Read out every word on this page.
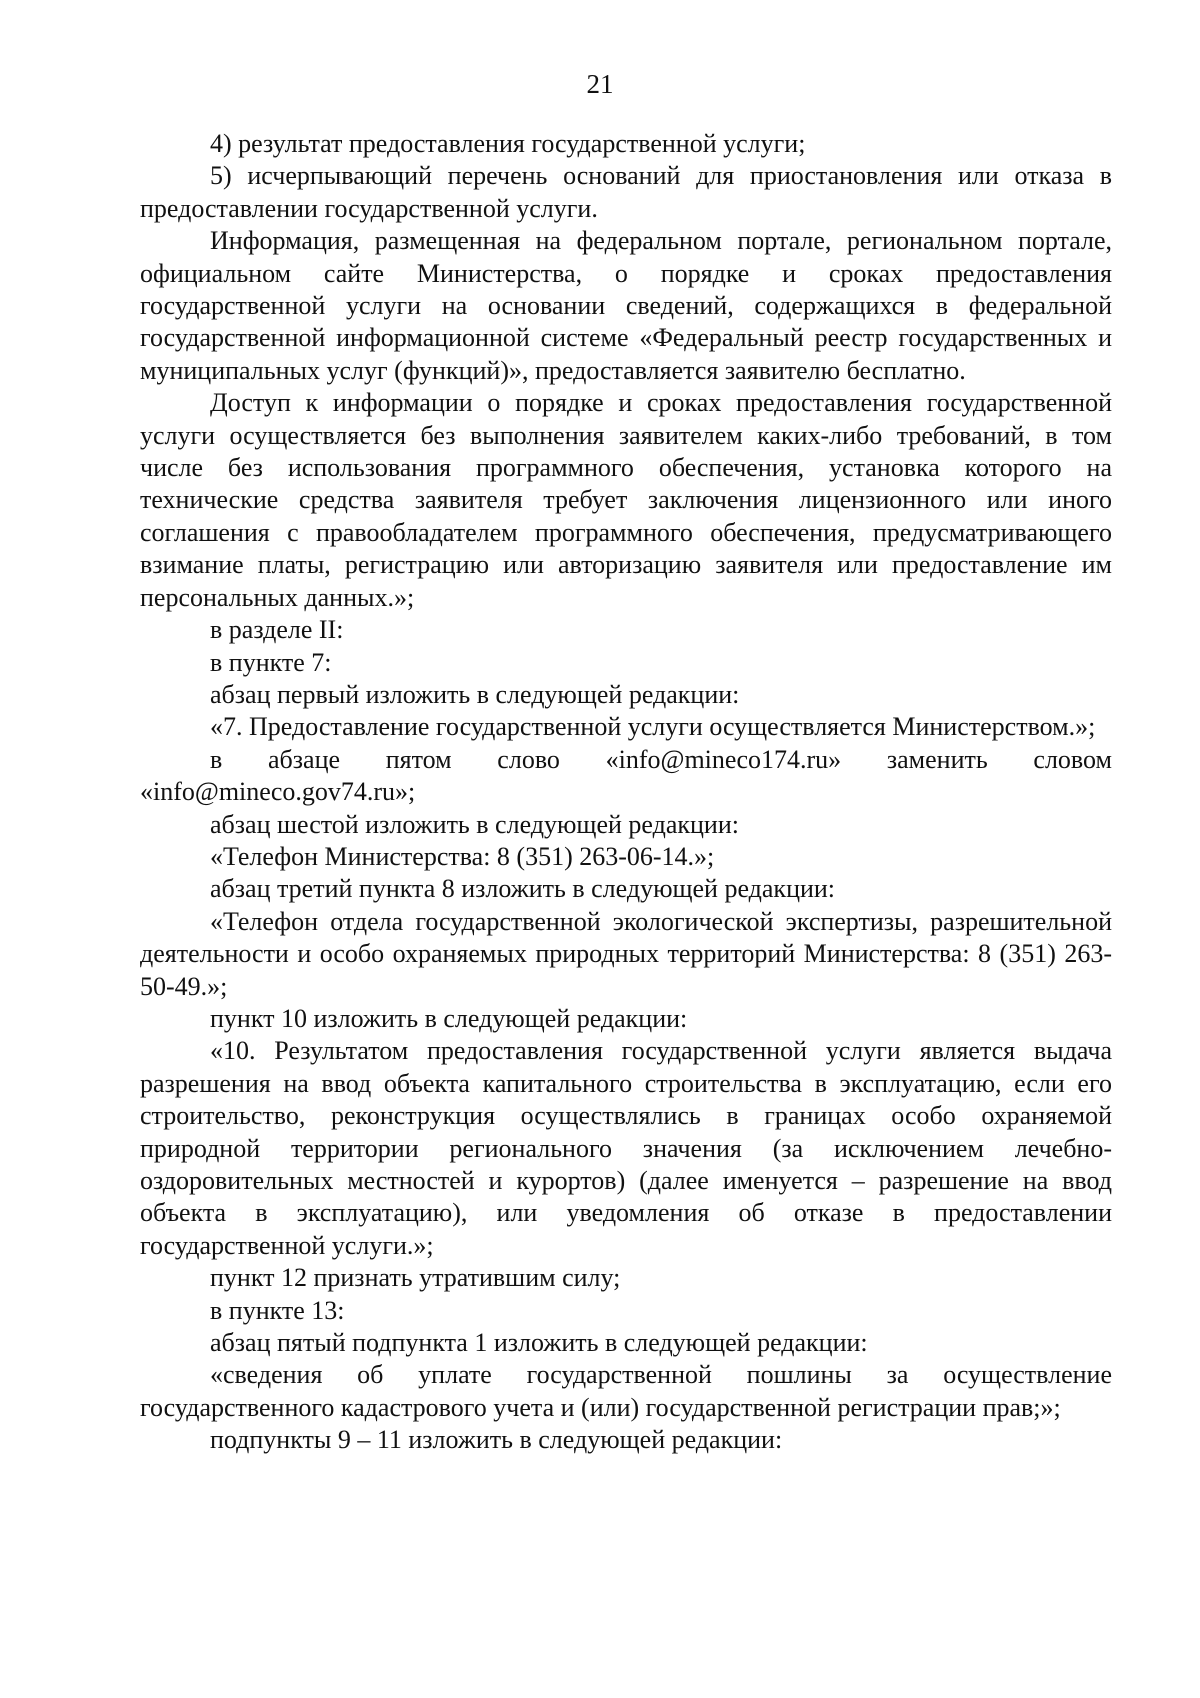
21

4) результат предоставления государственной услуги;

5) исчерпывающий перечень оснований для приостановления или отказа в предоставлении государственной услуги.

Информация, размещенная на федеральном портале, региональном портале, официальном сайте Министерства, о порядке и сроках предоставления государственной услуги на основании сведений, содержащихся в федеральной государственной информационной системе «Федеральный реестр государственных и муниципальных услуг (функций)», предоставляется заявителю бесплатно.

Доступ к информации о порядке и сроках предоставления государственной услуги осуществляется без выполнения заявителем каких-либо требований, в том числе без использования программного обеспечения, установка которого на технические средства заявителя требует заключения лицензионного или иного соглашения с правообладателем программного обеспечения, предусматривающего взимание платы, регистрацию или авторизацию заявителя или предоставление им персональных данных.»;

в разделе II:

в пункте 7:

абзац первый изложить в следующей редакции:

«7. Предоставление государственной услуги осуществляется Министерством.»;

в абзаце пятом слово «info@mineco174.ru» заменить словом «info@mineco.gov74.ru»;

абзац шестой изложить в следующей редакции:

«Телефон Министерства: 8 (351) 263-06-14.»;

абзац третий пункта 8 изложить в следующей редакции:

«Телефон отдела государственной экологической экспертизы, разрешительной деятельности и особо охраняемых природных территорий Министерства: 8 (351) 263-50-49.»;

пункт 10 изложить в следующей редакции:

«10. Результатом предоставления государственной услуги является выдача разрешения на ввод объекта капитального строительства в эксплуатацию, если его строительство, реконструкция осуществлялись в границах особо охраняемой природной территории регионального значения (за исключением лечебно-оздоровительных местностей и курортов) (далее именуется – разрешение на ввод объекта в эксплуатацию), или уведомления об отказе в предоставлении государственной услуги.»;

пункт 12 признать утратившим силу;

в пункте 13:

абзац пятый подпункта 1 изложить в следующей редакции:

«сведения об уплате государственной пошлины за осуществление государственного кадастрового учета и (или) государственной регистрации прав;»;

подпункты 9 – 11 изложить в следующей редакции:
